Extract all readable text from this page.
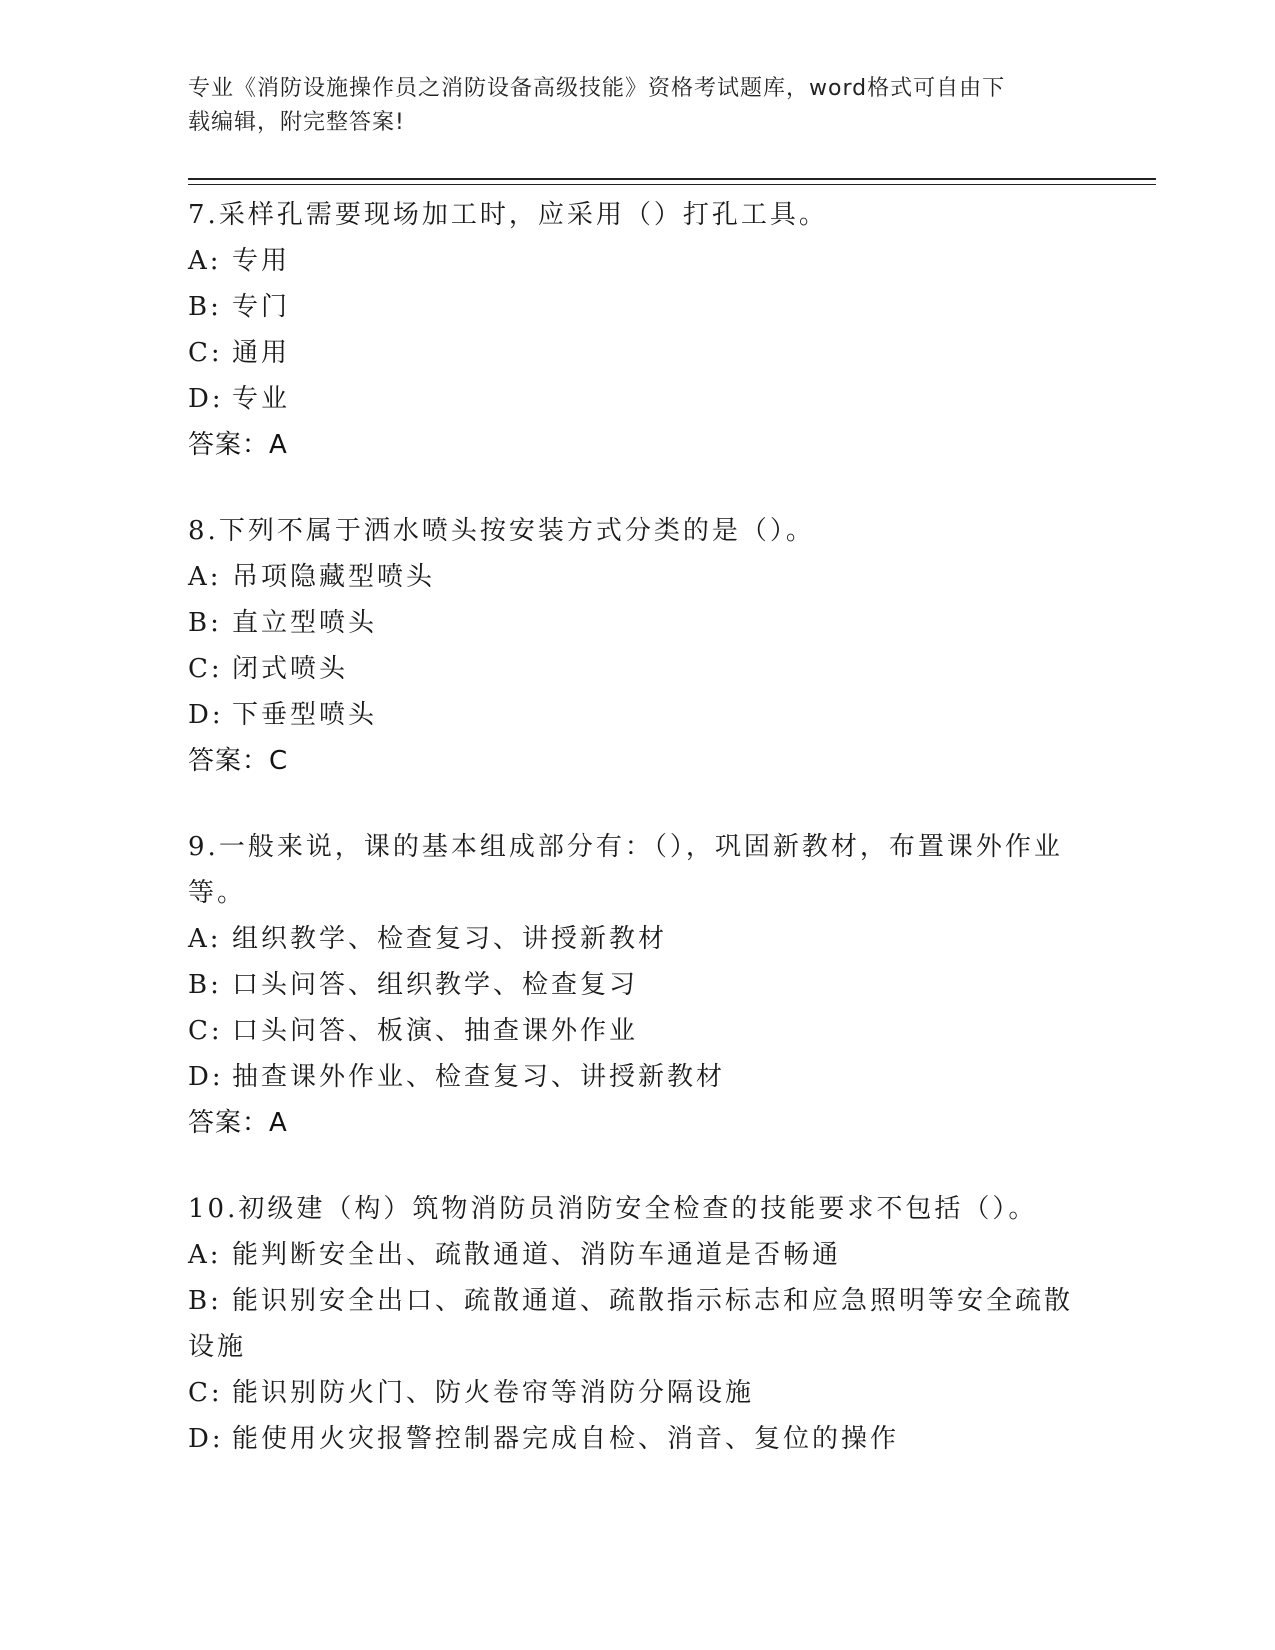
专业《消防设施操作员之消防设备高级技能》资格考试题库，word格式可自由下
载编辑，附完整答案!
7.采样孔需要现场加工时，应采用（）打孔工具。
A: 专用
B: 专门
C: 通用
D: 专业
答案：A
8.下列不属于洒水喷头按安装方式分类的是（）。
A: 吊项隐藏型喷头
B: 直立型喷头
C: 闭式喷头
D: 下垂型喷头
答案：C
9.一般来说，课的基本组成部分有：（），巩固新教材，布置课外作业等。
A: 组织教学、检查复习、讲授新教材
B: 口头问答、组织教学、检查复习
C: 口头问答、板演、抽查课外作业
D: 抽查课外作业、检查复习、讲授新教材
答案：A
10.初级建（构）筑物消防员消防安全检查的技能要求不包括（）。
A: 能判断安全出、疏散通道、消防车通道是否畅通
B: 能识别安全出口、疏散通道、疏散指示标志和应急照明等安全疏散设施
C: 能识别防火门、防火卷帘等消防分隔设施
D: 能使用火灾报警控制器完成自检、消音、复位的操作
